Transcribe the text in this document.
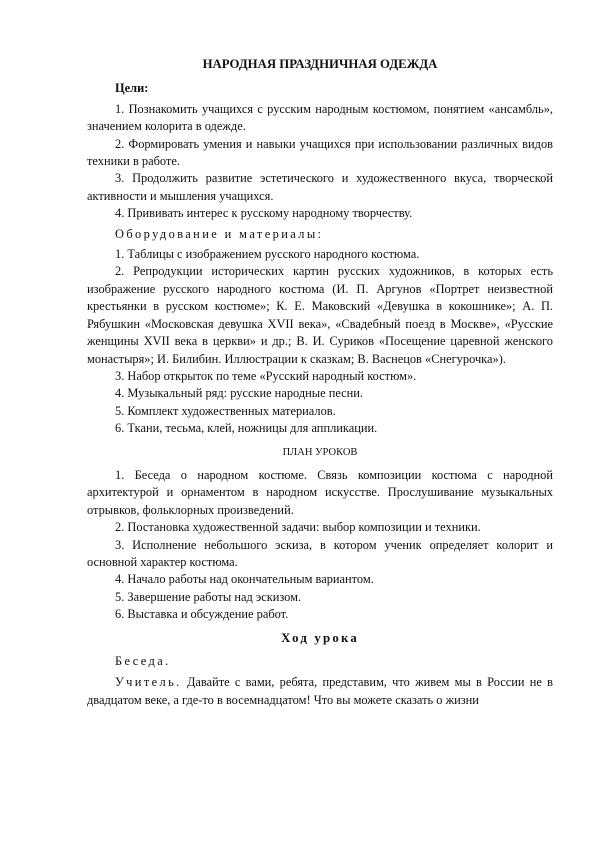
НАРОДНАЯ ПРАЗДНИЧНАЯ ОДЕЖДА
Цели:

1. Познакомить учащихся с русским народным костюмом, понятием «ансамбль», значением колорита в одежде.

2. Формировать умения и навыки учащихся при использовании различных видов техники в работе.

3. Продолжить развитие эстетического и художественного вкуса, творческой активности и мышления учащихся.

4. Прививать интерес к русскому народному творчеству.

Оборудование и материалы:

1. Таблицы с изображением русского народного костюма.

2. Репродукции исторических картин русских художников, в которых есть изображение русского народного костюма (И. П. Аргунов «Портрет неизвестной крестьянки в русском костюме»; К. Е. Маковский «Девушка в кокошнике»; А. П. Рябушкин «Московская девушка XVII века», «Свадебный поезд в Москве», «Русские женщины XVII века в церкви» и др.; В. И. Суриков «Посещение царевной женского монастыря»; И. Билибин. Иллюстрации к сказкам; В. Васнецов «Снегурочка»).

3. Набор открыток по теме «Русский народный костюм».

4. Музыкальный ряд: русские народные песни.

5. Комплект художественных материалов.

6. Ткани, тесьма, клей, ножницы для аппликации.

ПЛАН УРОКОВ

1. Беседа о народном костюме. Связь композиции костюма с народной архитектурой и орнаментом в народном искусстве. Прослушивание музыкальных отрывков, фольклорных произведений.

2. Постановка художественной задачи: выбор композиции и техники.

3. Исполнение небольшого эскиза, в котором ученик определяет колорит и основной характер костюма.

4. Начало работы над окончательным вариантом.

5. Завершение работы над эскизом.

6. Выставка и обсуждение работ.

Ход урока
Беседа.

Учитель. Давайте с вами, ребята, представим, что живем мы в России не в двадцатом веке, а где-то в восемнадцатом! Что вы можете сказать о жизни
